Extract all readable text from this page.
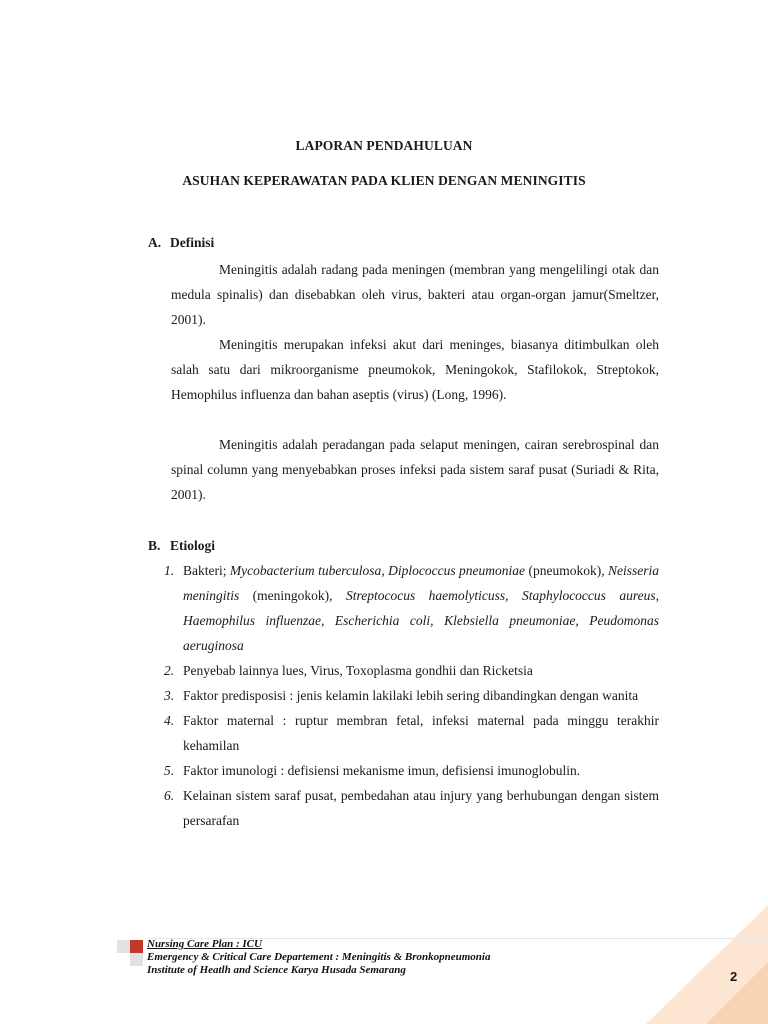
LAPORAN PENDAHULUAN
ASUHAN KEPERAWATAN PADA KLIEN DENGAN MENINGITIS
A. Definisi

Meningitis adalah radang pada meningen (membran yang mengelilingi otak dan medula spinalis) dan disebabkan oleh virus, bakteri atau organ-organ jamur(Smeltzer, 2001).

Meningitis merupakan infeksi akut dari meninges, biasanya ditimbulkan oleh salah satu dari mikroorganisme pneumokok, Meningokok, Stafilokok, Streptokok, Hemophilus influenza dan bahan aseptis (virus) (Long, 1996).

Meningitis adalah peradangan pada selaput meningen, cairan serebrospinal dan spinal column yang menyebabkan proses infeksi pada sistem saraf pusat (Suriadi & Rita, 2001).

B. Etiologi
1. Bakteri; Mycobacterium tuberculosa, Diplococcus pneumoniae (pneumokok), Neisseria meningitis (meningokok), Streptococus haemolyticuss, Staphylococcus aureus, Haemophilus influenzae, Escherichia coli, Klebsiella pneumoniae, Peudomonas aeruginosa
2. Penyebab lainnya lues, Virus, Toxoplasma gondhii dan Ricketsia
3. Faktor predisposisi : jenis kelamin lakilaki lebih sering dibandingkan dengan wanita
4. Faktor maternal : ruptur membran fetal, infeksi maternal pada minggu terakhir kehamilan
5. Faktor imunologi : defisiensi mekanisme imun, defisiensi imunoglobulin.
6. Kelainan sistem saraf pusat, pembedahan atau injury yang berhubungan dengan sistem persarafan
Nursing Care Plan : ICU
Emergency & Critical Care Departement : Meningitis & Bronkopneumonia
Institute of Heatlh and Science Karya Husada Semarang	2
